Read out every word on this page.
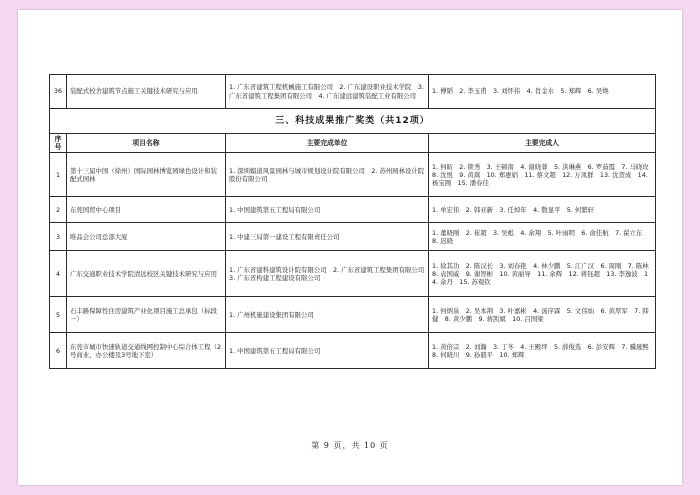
36	装配式校舍建筑节点施工关键技术研究与应用	1. 广东省建筑工程机械施工有限公司　2. 广东建设职业技术学院　3. 广东省建筑工程集团有限公司　4. 广东建远建筑装配工业有限公司	1. 傅韬　2. 李玉甫　3. 刘怀伟　4. 肖金水　5. 郑辉　6. 吴焕
三、科技成果推广奖类（共12项）			
序号	项目名称	主要完成单位	主要完成人
1	第十三届中国（徐州）国际园林博览园绿色设计和装配式园林	1. 深圳媚道风景园林与城市规划设计院有限公司　2. 苏州园林设计院股份有限公司	1. 何昉　2. 锁秀　3. 王顿南　4. 谢晓蓉　5. 洪琳燕　6. 罗茹霞　7. 马晓玫　8. 沈悦　9. 黄嵩　10. 郑惠娟　11. 蔡文超　12. 万凤群　13. 沈贺成　14. 杨宝刚　15. 潘春佳
2	东莞国贸中心项目	1. 中国建筑第五工程局有限公司	1. 单宏伟　2. 韩亚新　3. 任焯年　4. 散显平　5. 何繁轩
3	唯品会公司总部大厦	1. 中建三局第一建设工程有限责任公司	1. 董晓刚　2. 崔超　3. 吴彪　4. 余翔　5. 叶雨明　6. 俞佳航　7. 翟立东　8. 迟晓
4	广东交通职业技术学院清远校区关键技术研究与应用	1. 广东省建科建筑设计院有限公司　2. 广东省建筑工程集团有限公司　3. 广东省构建工程建设有限公司	1. 徐其功　2. 陈汉长　3. 刘春艳　4. 林少鹏　5. 江广汉　6. 周刚　7. 陈林　8. 袁国威　9. 谢智彬　10. 黄丽导　11. 余辉　12. 蒋钰超　13. 李逸波　14. 余丹　15. 苏观钦
5	石丰路保障性住房建筑产业化项目施工总承包（标段一）	1. 广州机施建设集团有限公司	1. 何炳泉　2. 吴本荆　3. 叶嘉彬　4. 汤序霖　5. 文伟灿　6. 黄厚军　7. 韩健　8. 黄少鹏　9. 蒋凯斌　10. 吕国梁
6	东莞市城市快速轨道交通线网控制中心综合体工程（2号商业、办公楼及3号地下室）	1. 中国建筑第五工程局有限公司	1. 黄倍宗　2. 刘瀚　3. 丁冬　4. 王殿坪　5. 薛俊选　6. 彭安辉　7. 骥晟熙　8. 何晓川　9. 孙毅平　10. 郑辉
第 9 页，共 10 页
